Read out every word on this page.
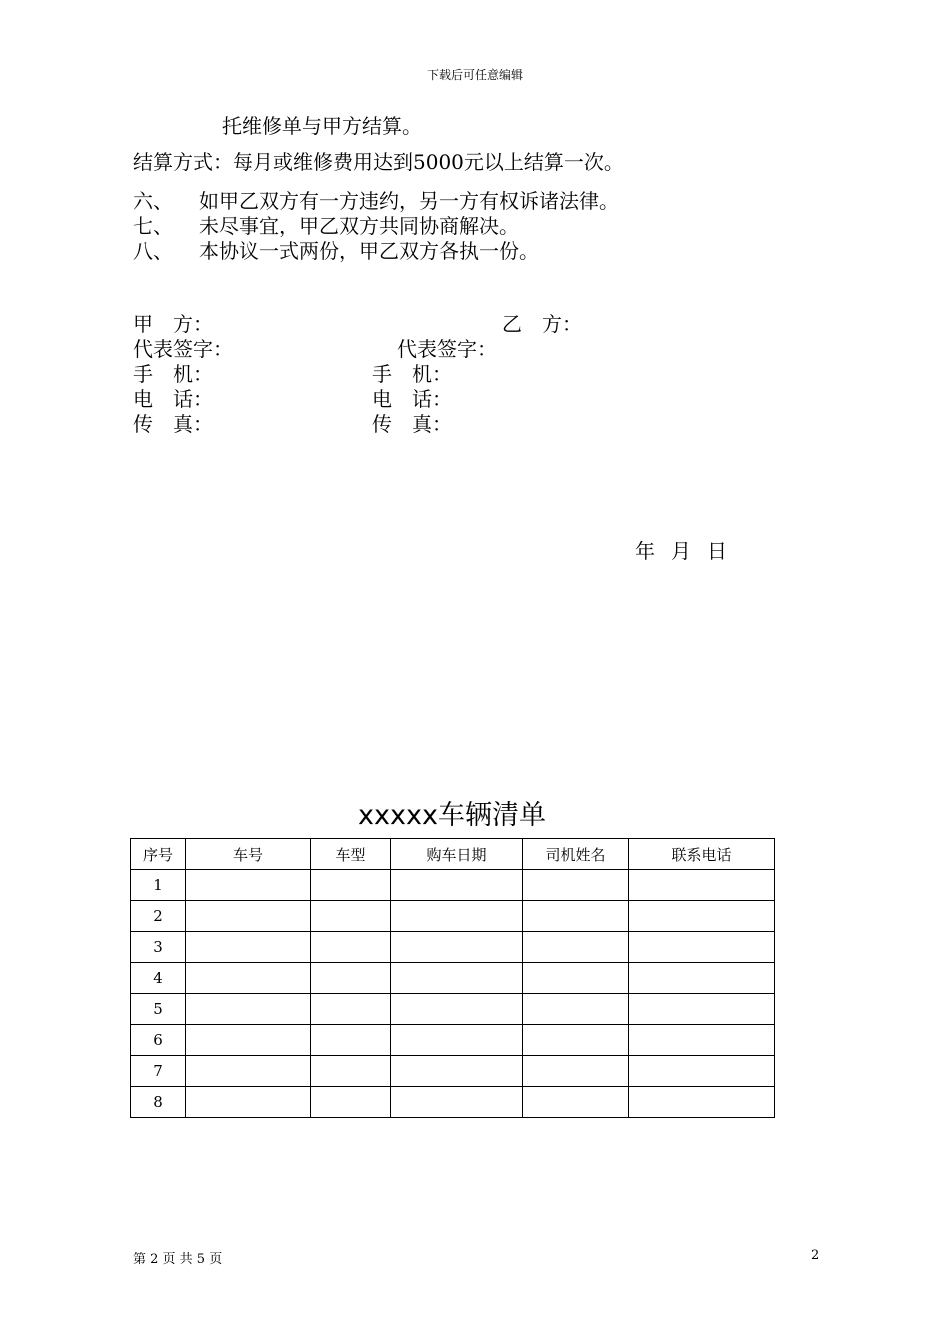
下载后可任意编辑
托维修单与甲方结算。
结算方式：每月或维修费用达到5000元以上结算一次。
六、	如甲乙双方有一方违约，另一方有权诉诸法律。
七、	未尽事宜，甲乙双方共同协商解决。
八、	本协议一式两份，甲乙双方各执一份。
甲　方：	乙　方：
代表签字：	代表签字：
手　机：	手　机：
电　话：	电　话：
传　真：	传　真：
年 月 日
xxxxx车辆清单
序号	车号	车型	购车日期	司机姓名	联系电话
1					
2					
3					
4					
5					
6					
7					
8					
第 2 页 共 5 页	2
